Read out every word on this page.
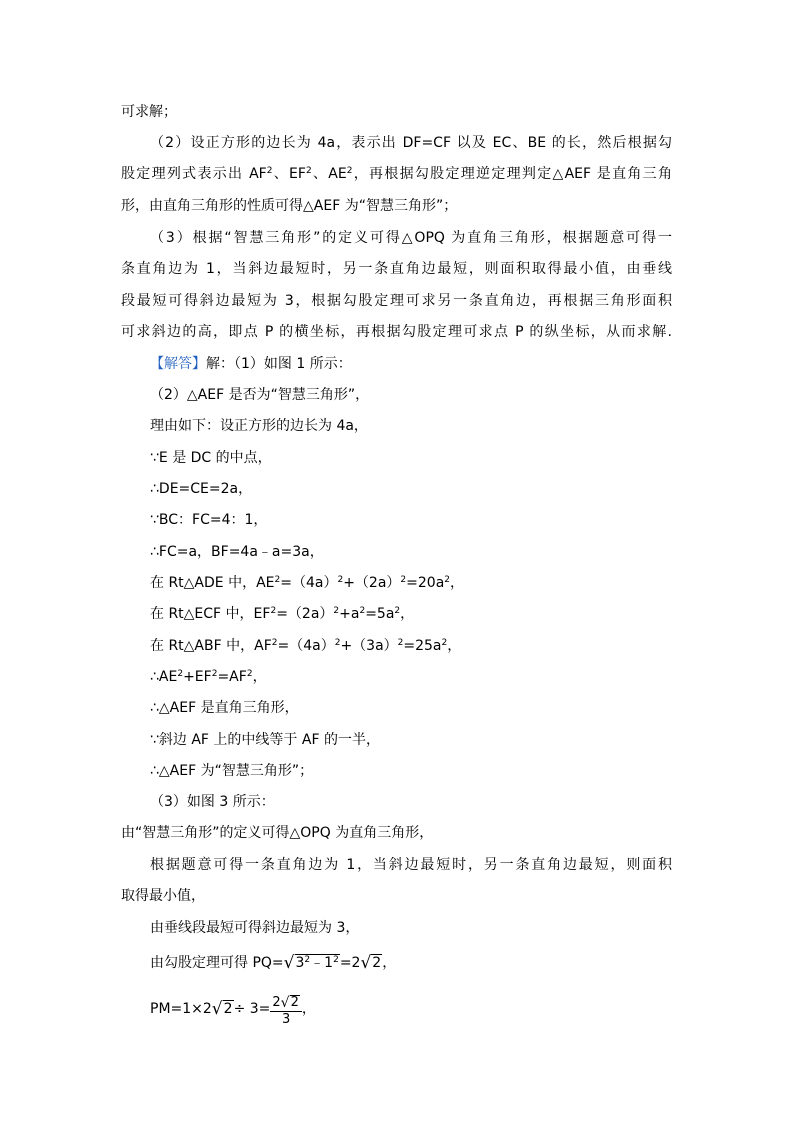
可求解；
（2）设正方形的边长为 4a，表示出 DF=CF 以及 EC、BE 的长，然后根据勾
股定理列式表示出 $AF^2$、$EF^2$、$AE^2$，再根据勾股定理逆定理判定△AEF 是直角三角
形，由直角三角形的性质可得△AEF 为“智慧三角形”；
（3）根据“智慧三角形”的定义可得△OPQ 为直角三角形，根据题意可得一
条直角边为 1，当斜边最短时，另一条直角边最短，则面积取得最小值，由垂线
段最短可得斜边最短为 3，根据勾股定理可求另一条直角边，再根据三角形面积
可求斜边的高，即点 P 的横坐标，再根据勾股定理可求点 P 的纵坐标，从而求解.
【解答】解：（1）如图 1 所示：
（2）△AEF 是否为“智慧三角形”，
理由如下：设正方形的边长为 4a，
∵E 是 DC 的中点，
∴DE=CE=2a，
∵BC：FC=4：1，
∴FC=a，BF=4a﹣a=3a，
在 Rt△ADE 中，$AE^2=(4a)^2+(2a)^2=20a^2$，
在 Rt△ECF 中，$EF^2=(2a)^2+a^2=5a^2$，
在 Rt△ABF 中，$AF^2=(4a)^2+(3a)^2=25a^2$，
$\therefore AE^2+EF^2=AF^2$，
∴△AEF 是直角三角形，
∵斜边 AF 上的中线等于 AF 的一半，
∴△AEF 为“智慧三角形”；
（3）如图 3 所示：
由“智慧三角形”的定义可得△OPQ 为直角三角形，
根据题意可得一条直角边为 1，当斜边最短时，另一条直角边最短，则面积
取得最小值，
由垂线段最短可得斜边最短为 3，
由勾股定理可得 $PQ=√3^2﹣1^2=2√2$，
$PM=1\times 2√2\div 3= \frac{2√2}{3}$ ，
